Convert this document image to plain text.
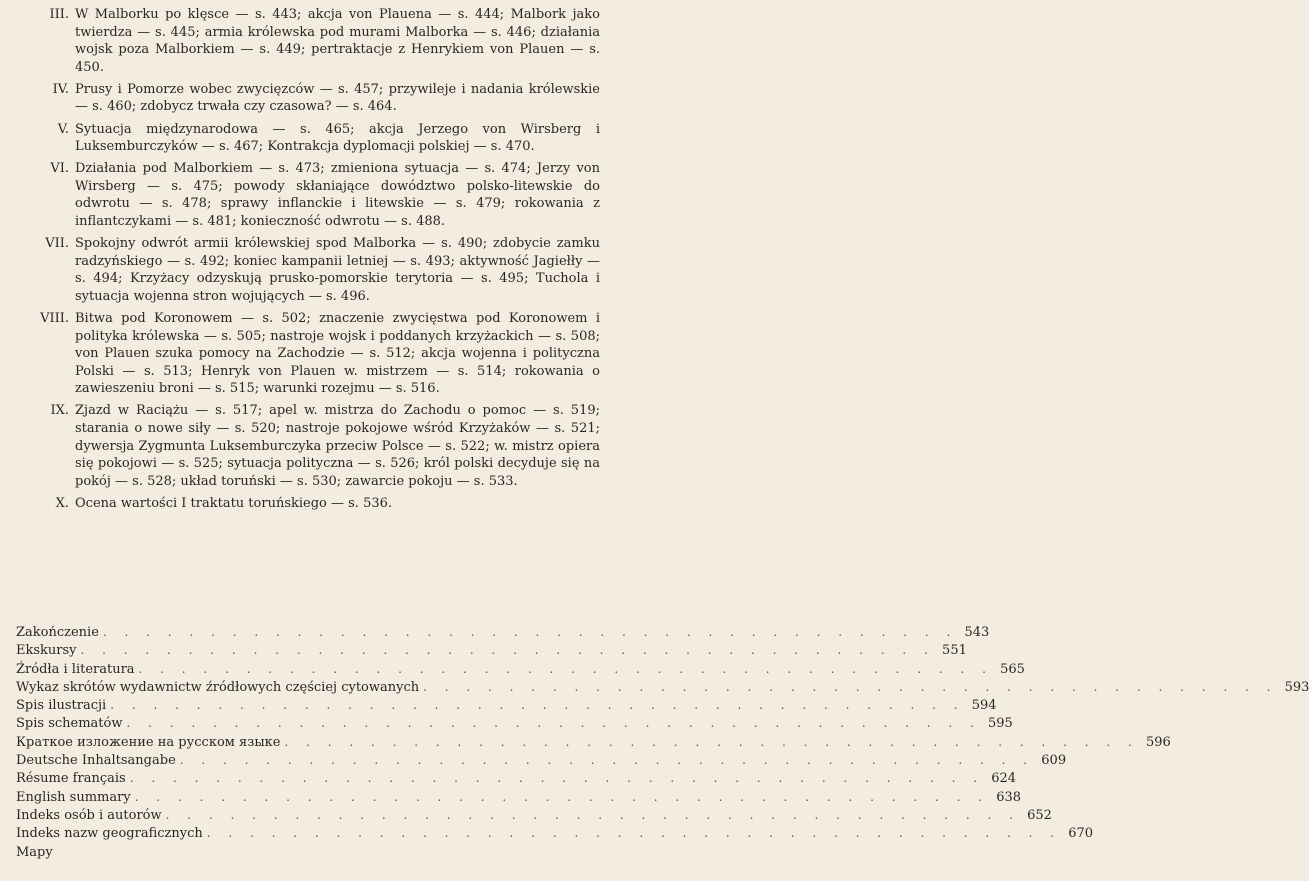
III. W Malborku po klęsce — s. 443; akcja von Plauena — s. 444; Malbork jako twierdza — s. 445; armia królewska pod murami Malborka — s. 446; działania wojsk poza Malborkiem — s. 449; pertraktacje z Henrykiem von Plauen — s. 450.
IV. Prusy i Pomorze wobec zwycięzców — s. 457; przywileje i nadania królewskie — s. 460; zdobycz trwała czy czasowa? — s. 464.
V. Sytuacja międzynarodowa — s. 465; akcja Jerzego von Wirsberg i Luksemburczyków — s. 467; Kontrakcja dyplomacji polskiej — s. 470.
VI. Działania pod Malborkiem — s. 473; zmieniona sytuacja — s. 474; Jerzy von Wirsberg — s. 475; powody skłaniające dowództwo polsko-litewskie do odwrotu — s. 478; sprawy inflanckie i litewskie — s. 479; rokowania z inflantczykami — s. 481; konieczność odwrotu — s. 488.
VII. Spokojny odwrót armii królewskiej spod Malborka — s. 490; zdobycie zamku radzyńskiego — s. 492; koniec kampanii letniej — s. 493; aktywność Jagiełły — s. 494; Krzyżacy odzyskują prusko-pomorskie terytoria — s. 495; Tuchola i sytuacja wojenna stron wojujących — s. 496.
VIII. Bitwa pod Koronowem — s. 502; znaczenie zwycięstwa pod Koronowem i polityka królewska — s. 505; nastroje wojsk i poddanych krzyżackich — s. 508; von Plauen szuka pomocy na Zachodzie — s. 512; akcja wojenna i polityczna Polski — s. 513; Henryk von Plauen w. mistrzem — s. 514; rokowania o zawieszeniu broni — s. 515; warunki rozejmu — s. 516.
IX. Zjazd w Raciążu — s. 517; apel w. mistrza do Zachodu o pomoc — s. 519; starania o nowe siły — s. 520; nastroje pokojowe wśród Krzyżaków — s. 521; dywersja Zygmunta Luksemburczyka przeciw Polsce — s. 522; w. mistrz opiera się pokojowi — s. 525; sytuacja polityczna — s. 526; król polski decyduje się na pokój — s. 528; układ toruński — s. 530; zawarcie pokoju — s. 533.
X. Ocena wartości I traktatu toruńskiego — s. 536.
Zakończenie . . . . . . . . . . . . . . . . . . . . . . . . . . . . . . . . . . . . . . . . 543
Ekskursy . . . . . . . . . . . . . . . . . . . . . . . . . . . . . . . . . . . . . . . . 551
Źródła i literatura . . . . . . . . . . . . . . . . . . . . . . . . . . . . . . . . . . . . . . . . 565
Wykaz skrótów wydawnictw źródłowych częściej cytowanych . . . . . . . . . . . . . . . . . . . . . . . . . . . . . . . . . . . . . . . . 593
Spis ilustracji . . . . . . . . . . . . . . . . . . . . . . . . . . . . . . . . . . . . . . . . 594
Spis schematów . . . . . . . . . . . . . . . . . . . . . . . . . . . . . . . . . . . . . . . . 595
Краткое изложение на русском языке . . . . . . . . . . . . . . . . . . . . . . . . . . . . . . . . . . . . . . . . 596
Deutsche Inhaltsangabe . . . . . . . . . . . . . . . . . . . . . . . . . . . . . . . . . . . . . . . . 609
Résume français . . . . . . . . . . . . . . . . . . . . . . . . . . . . . . . . . . . . . . . . 624
English summary . . . . . . . . . . . . . . . . . . . . . . . . . . . . . . . . . . . . . . . . 638
Indeks osób i autorów . . . . . . . . . . . . . . . . . . . . . . . . . . . . . . . . . . . . . . . . 652
Indeks nazw geograficznych . . . . . . . . . . . . . . . . . . . . . . . . . . . . . . . . . . . . . . . . 670
Mapy
